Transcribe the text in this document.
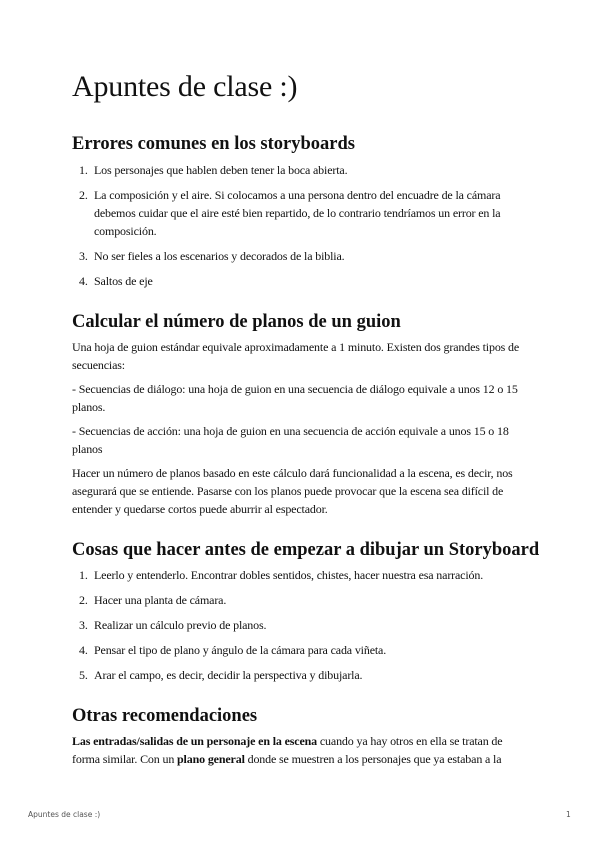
Apuntes de clase :)
Errores comunes en los storyboards
1. Los personajes que hablen deben tener la boca abierta.
2. La composición y el aire. Si colocamos a una persona dentro del encuadre de la cámara debemos cuidar que el aire esté bien repartido, de lo contrario tendríamos un error en la composición.
3. No ser fieles a los escenarios y decorados de la biblia.
4. Saltos de eje
Calcular el número de planos de un guion

Una hoja de guion estándar equivale aproximadamente a 1 minuto. Existen dos grandes tipos de secuencias:

- Secuencias de diálogo: una hoja de guion en una secuencia de diálogo equivale a unos 12 o 15 planos.

- Secuencias de acción: una hoja de guion en una secuencia de acción equivale a unos 15 o 18 planos

Hacer un número de planos basado en este cálculo dará funcionalidad a la escena, es decir, nos asegurará que se entiende. Pasarse con los planos puede provocar que la escena sea difícil de entender y quedarse cortos puede aburrir al espectador.

Cosas que hacer antes de empezar a dibujar un Storyboard
1. Leerlo y entenderlo. Encontrar dobles sentidos, chistes, hacer nuestra esa narración.
2. Hacer una planta de cámara.
3. Realizar un cálculo previo de planos.
4. Pensar el tipo de plano y ángulo de la cámara para cada viñeta.
5. Arar el campo, es decir, decidir la perspectiva y dibujarla.
Otras recomendaciones

Las entradas/salidas de un personaje en la escena cuando ya hay otros en ella se tratan de forma similar. Con un plano general donde se muestren a los personajes que ya estaban a la

Apuntes de clase :)	1
